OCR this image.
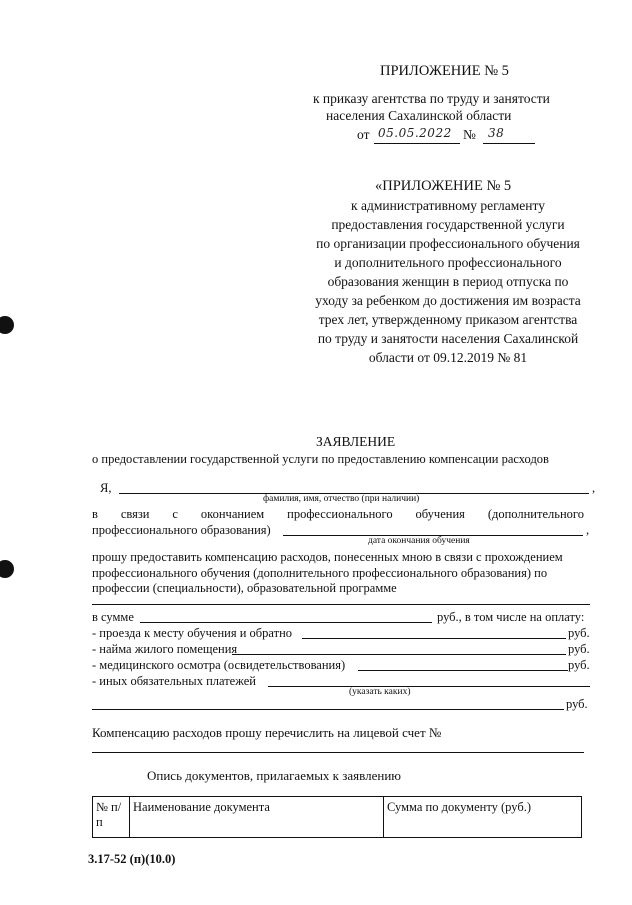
ПРИЛОЖЕНИЕ № 5
к приказу агентства по труду и занятости
населения Сахалинской области
от 05.05.2022 № 38
«ПРИЛОЖЕНИЕ № 5
к административному регламенту
предоставления государственной услуги
по организации профессионального обучения
и дополнительного профессионального
образования женщин в период отпуска по
уходу за ребенком до достижения им возраста
трех лет, утвержденному приказом агентства
по труду и занятости населения Сахалинской
области от 09.12.2019 № 81
ЗАЯВЛЕНИЕ
о предоставлении государственной услуги по предоставлению компенсации расходов
Я,	,
фамилия, имя, отчество (при наличии)
в связи с окончанием профессионального обучения (дополнительного
профессионального образования)	,
дата окончания обучения
прошу предоставить компенсацию расходов, понесенных мною в связи с прохождением
профессионального обучения (дополнительного профессионального образования) по
профессии (специальности), образовательной программе
в сумме	руб., в том числе на оплату:
- проезда к месту обучения и обратно	руб.
- найма жилого помещения	руб.
- медицинского осмотра (освидетельствования)	руб.
- иных обязательных платежей
(указать каких)
руб.
Компенсацию расходов прошу перечислить на лицевой счет №
Опись документов, прилагаемых к заявлению
№ п/п	Наименование документа	Сумма по документу (руб.)
3.17-52 (п)(10.0)
